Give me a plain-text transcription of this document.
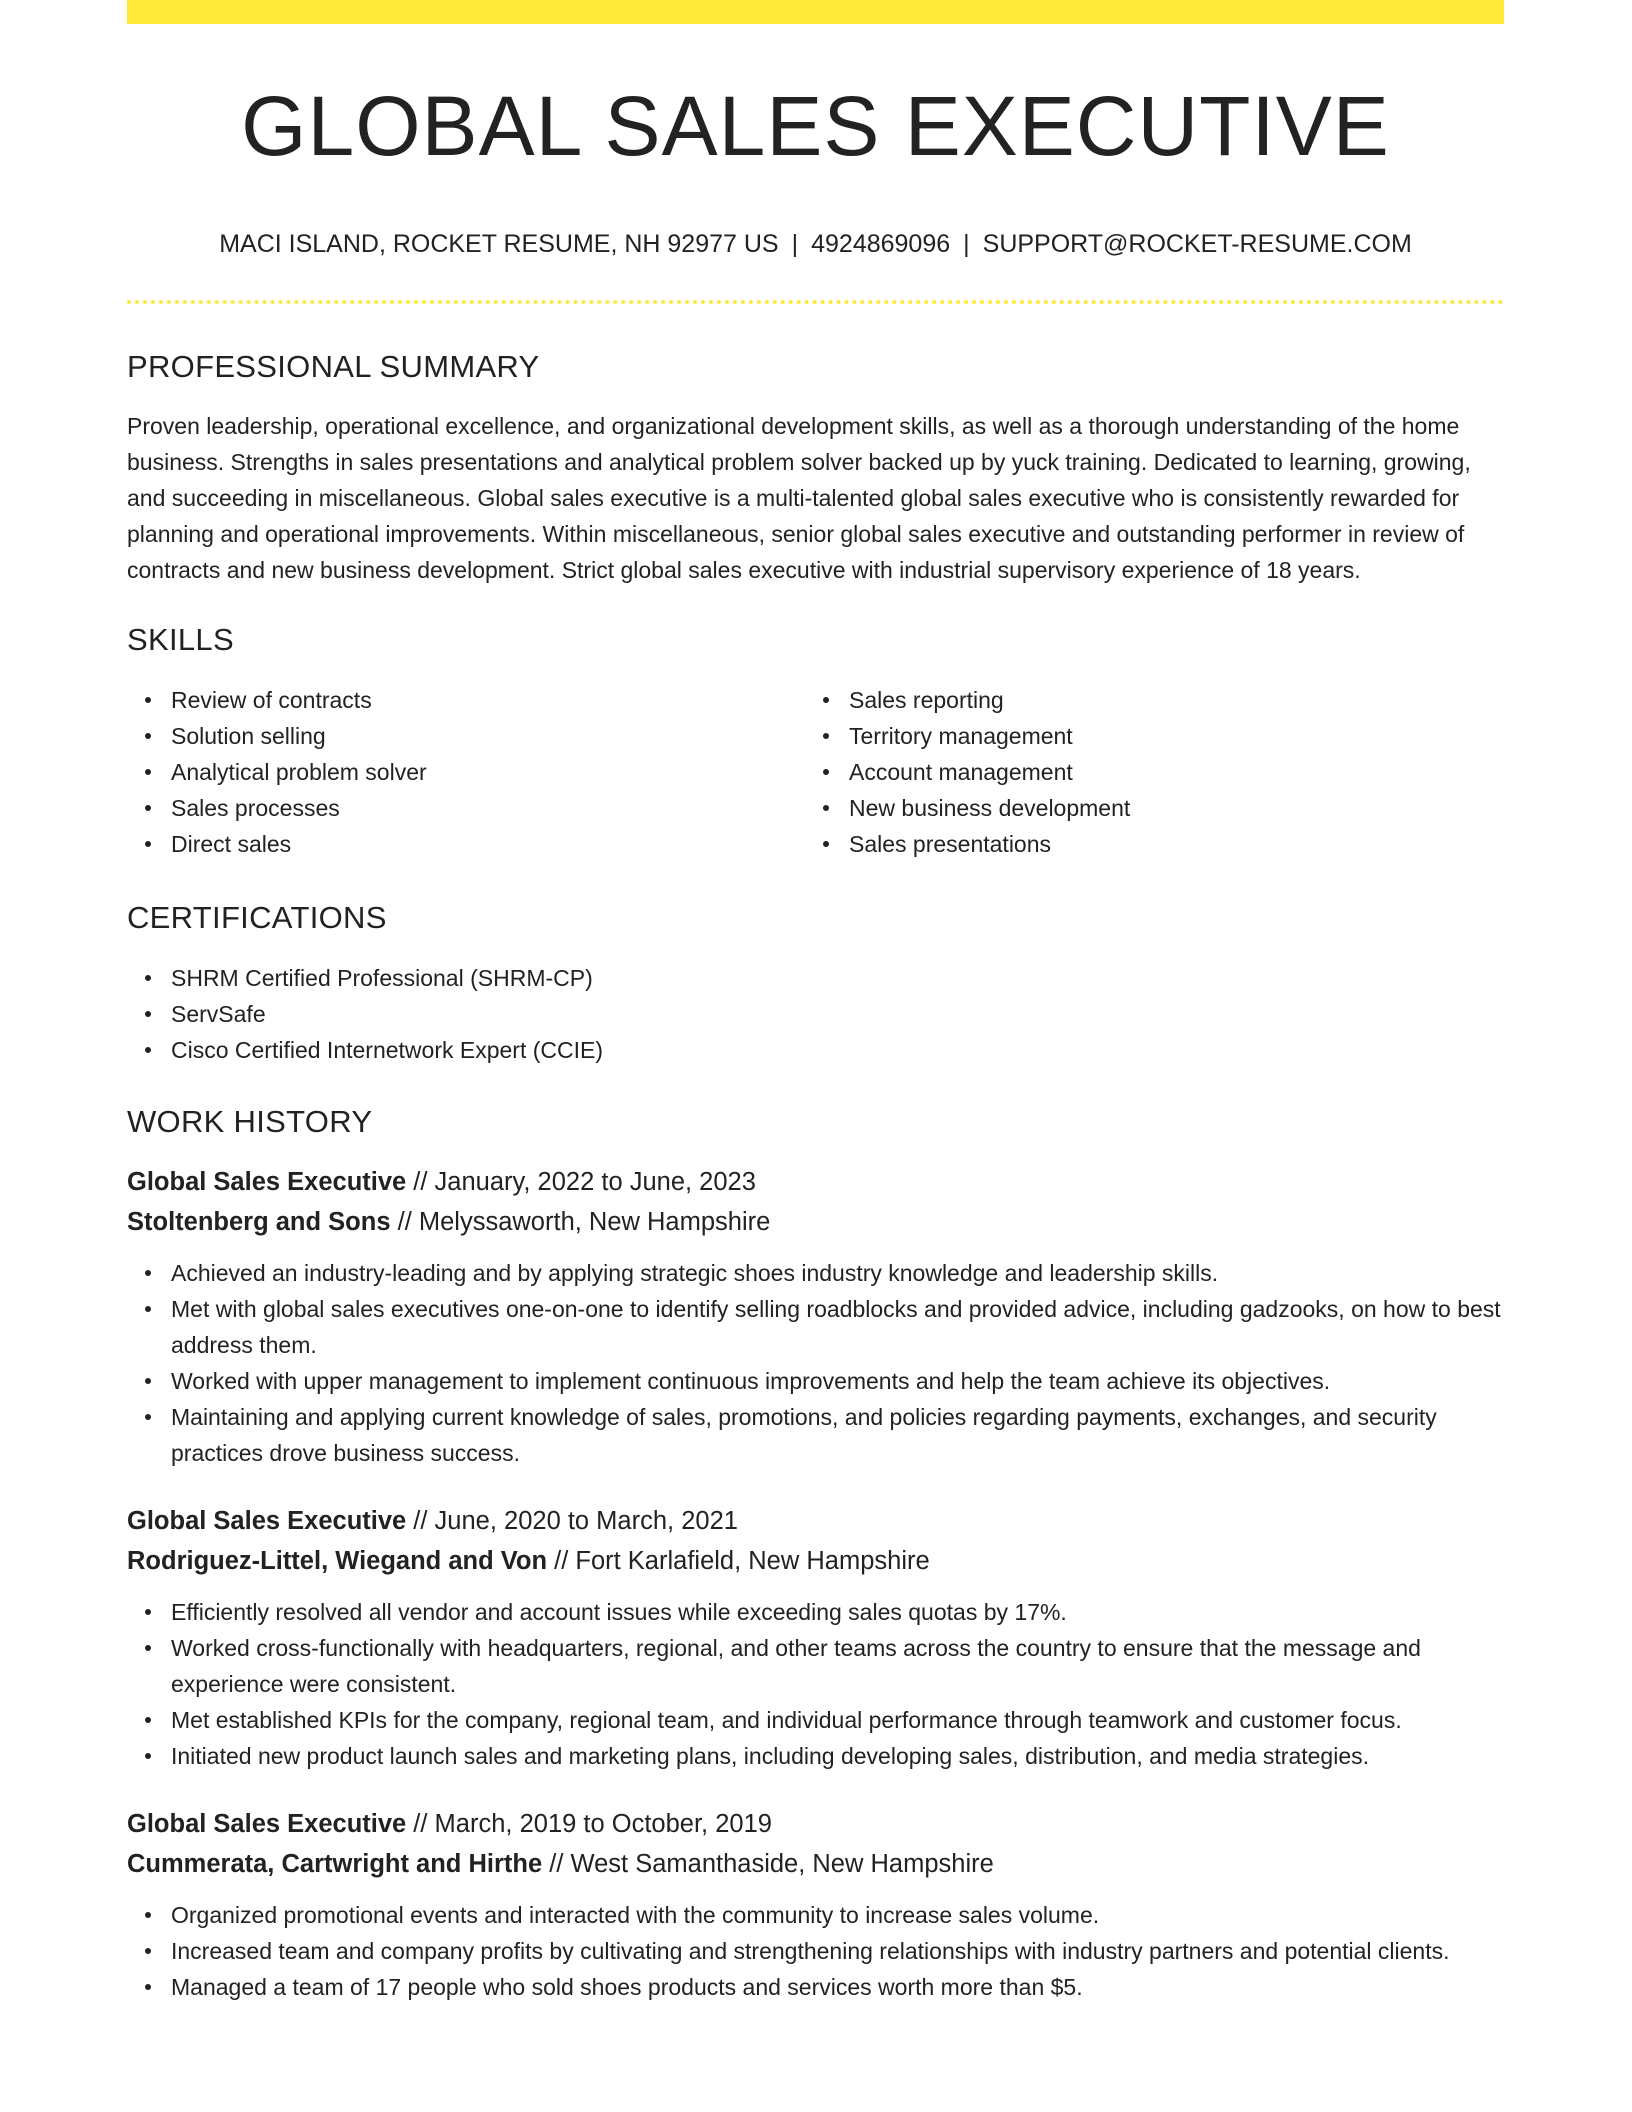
GLOBAL SALES EXECUTIVE
MACI ISLAND, ROCKET RESUME, NH 92977 US | 4924869096 | SUPPORT@ROCKET-RESUME.COM
PROFESSIONAL SUMMARY
Proven leadership, operational excellence, and organizational development skills, as well as a thorough understanding of the home business. Strengths in sales presentations and analytical problem solver backed up by yuck training. Dedicated to learning, growing, and succeeding in miscellaneous. Global sales executive is a multi-talented global sales executive who is consistently rewarded for planning and operational improvements. Within miscellaneous, senior global sales executive and outstanding performer in review of contracts and new business development. Strict global sales executive with industrial supervisory experience of 18 years.
SKILLS
Review of contracts
Solution selling
Analytical problem solver
Sales processes
Direct sales
Sales reporting
Territory management
Account management
New business development
Sales presentations
CERTIFICATIONS
SHRM Certified Professional (SHRM-CP)
ServSafe
Cisco Certified Internetwork Expert (CCIE)
WORK HISTORY
Global Sales Executive // January, 2022 to June, 2023
Stoltenberg and Sons // Melyssaworth, New Hampshire
Achieved an industry-leading and by applying strategic shoes industry knowledge and leadership skills.
Met with global sales executives one-on-one to identify selling roadblocks and provided advice, including gadzooks, on how to best address them.
Worked with upper management to implement continuous improvements and help the team achieve its objectives.
Maintaining and applying current knowledge of sales, promotions, and policies regarding payments, exchanges, and security practices drove business success.
Global Sales Executive // June, 2020 to March, 2021
Rodriguez-Littel, Wiegand and Von // Fort Karlafield, New Hampshire
Efficiently resolved all vendor and account issues while exceeding sales quotas by 17%.
Worked cross-functionally with headquarters, regional, and other teams across the country to ensure that the message and experience were consistent.
Met established KPIs for the company, regional team, and individual performance through teamwork and customer focus.
Initiated new product launch sales and marketing plans, including developing sales, distribution, and media strategies.
Global Sales Executive // March, 2019 to October, 2019
Cummerata, Cartwright and Hirthe // West Samanthaside, New Hampshire
Organized promotional events and interacted with the community to increase sales volume.
Increased team and company profits by cultivating and strengthening relationships with industry partners and potential clients.
Managed a team of 17 people who sold shoes products and services worth more than $5.
